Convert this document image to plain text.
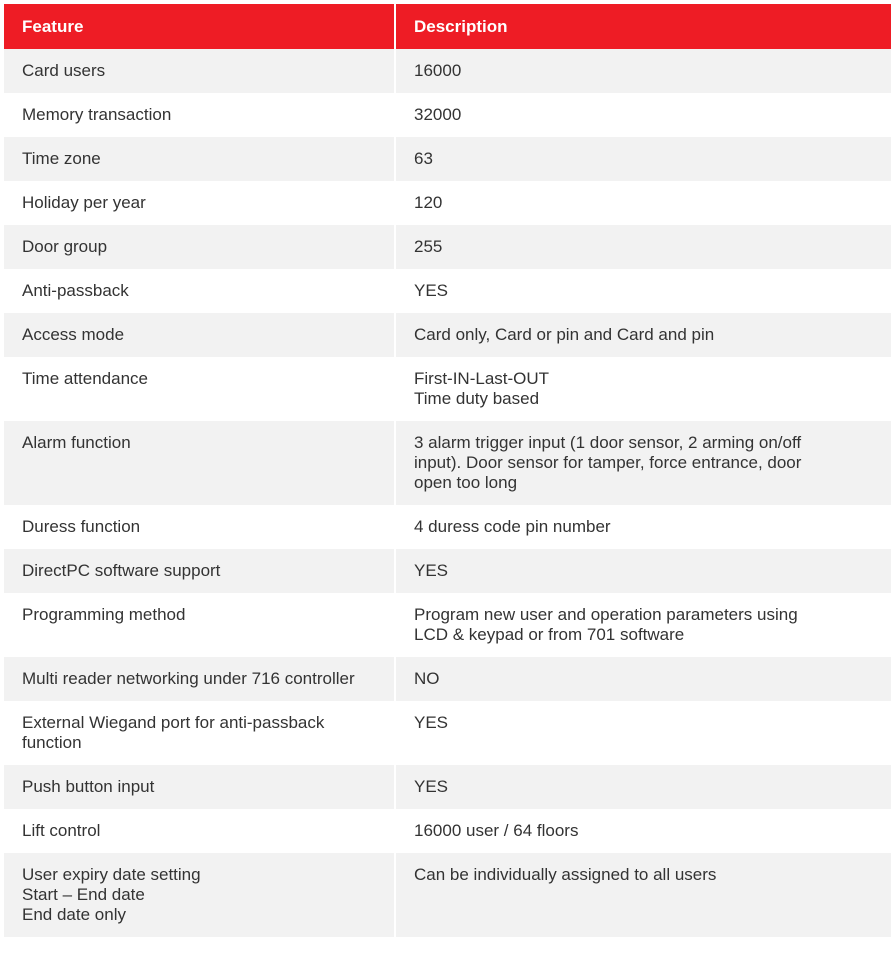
Feature	Description

Card users	16000

Memory transaction	32000

Time zone	63

Holiday per year	120

Door group	255

Anti-passback	YES

Access mode	Card only, Card or pin and Card and pin

Time attendance	First-IN-Last-OUT
Time duty based

Alarm function	3 alarm trigger input (1 door sensor, 2 arming on/off
input). Door sensor for tamper, force entrance, door
open too long

Duress function	4 duress code pin number

DirectPC software support	YES

Programming method	Program new user and operation parameters using
LCD & keypad or from 701 software

Multi reader networking under 716 controller	NO

External Wiegand port for anti-passback
function	YES

Push button input	YES

Lift control	16000 user / 64 floors

User expiry date setting
Start – End date
End date only	Can be individually assigned to all users
